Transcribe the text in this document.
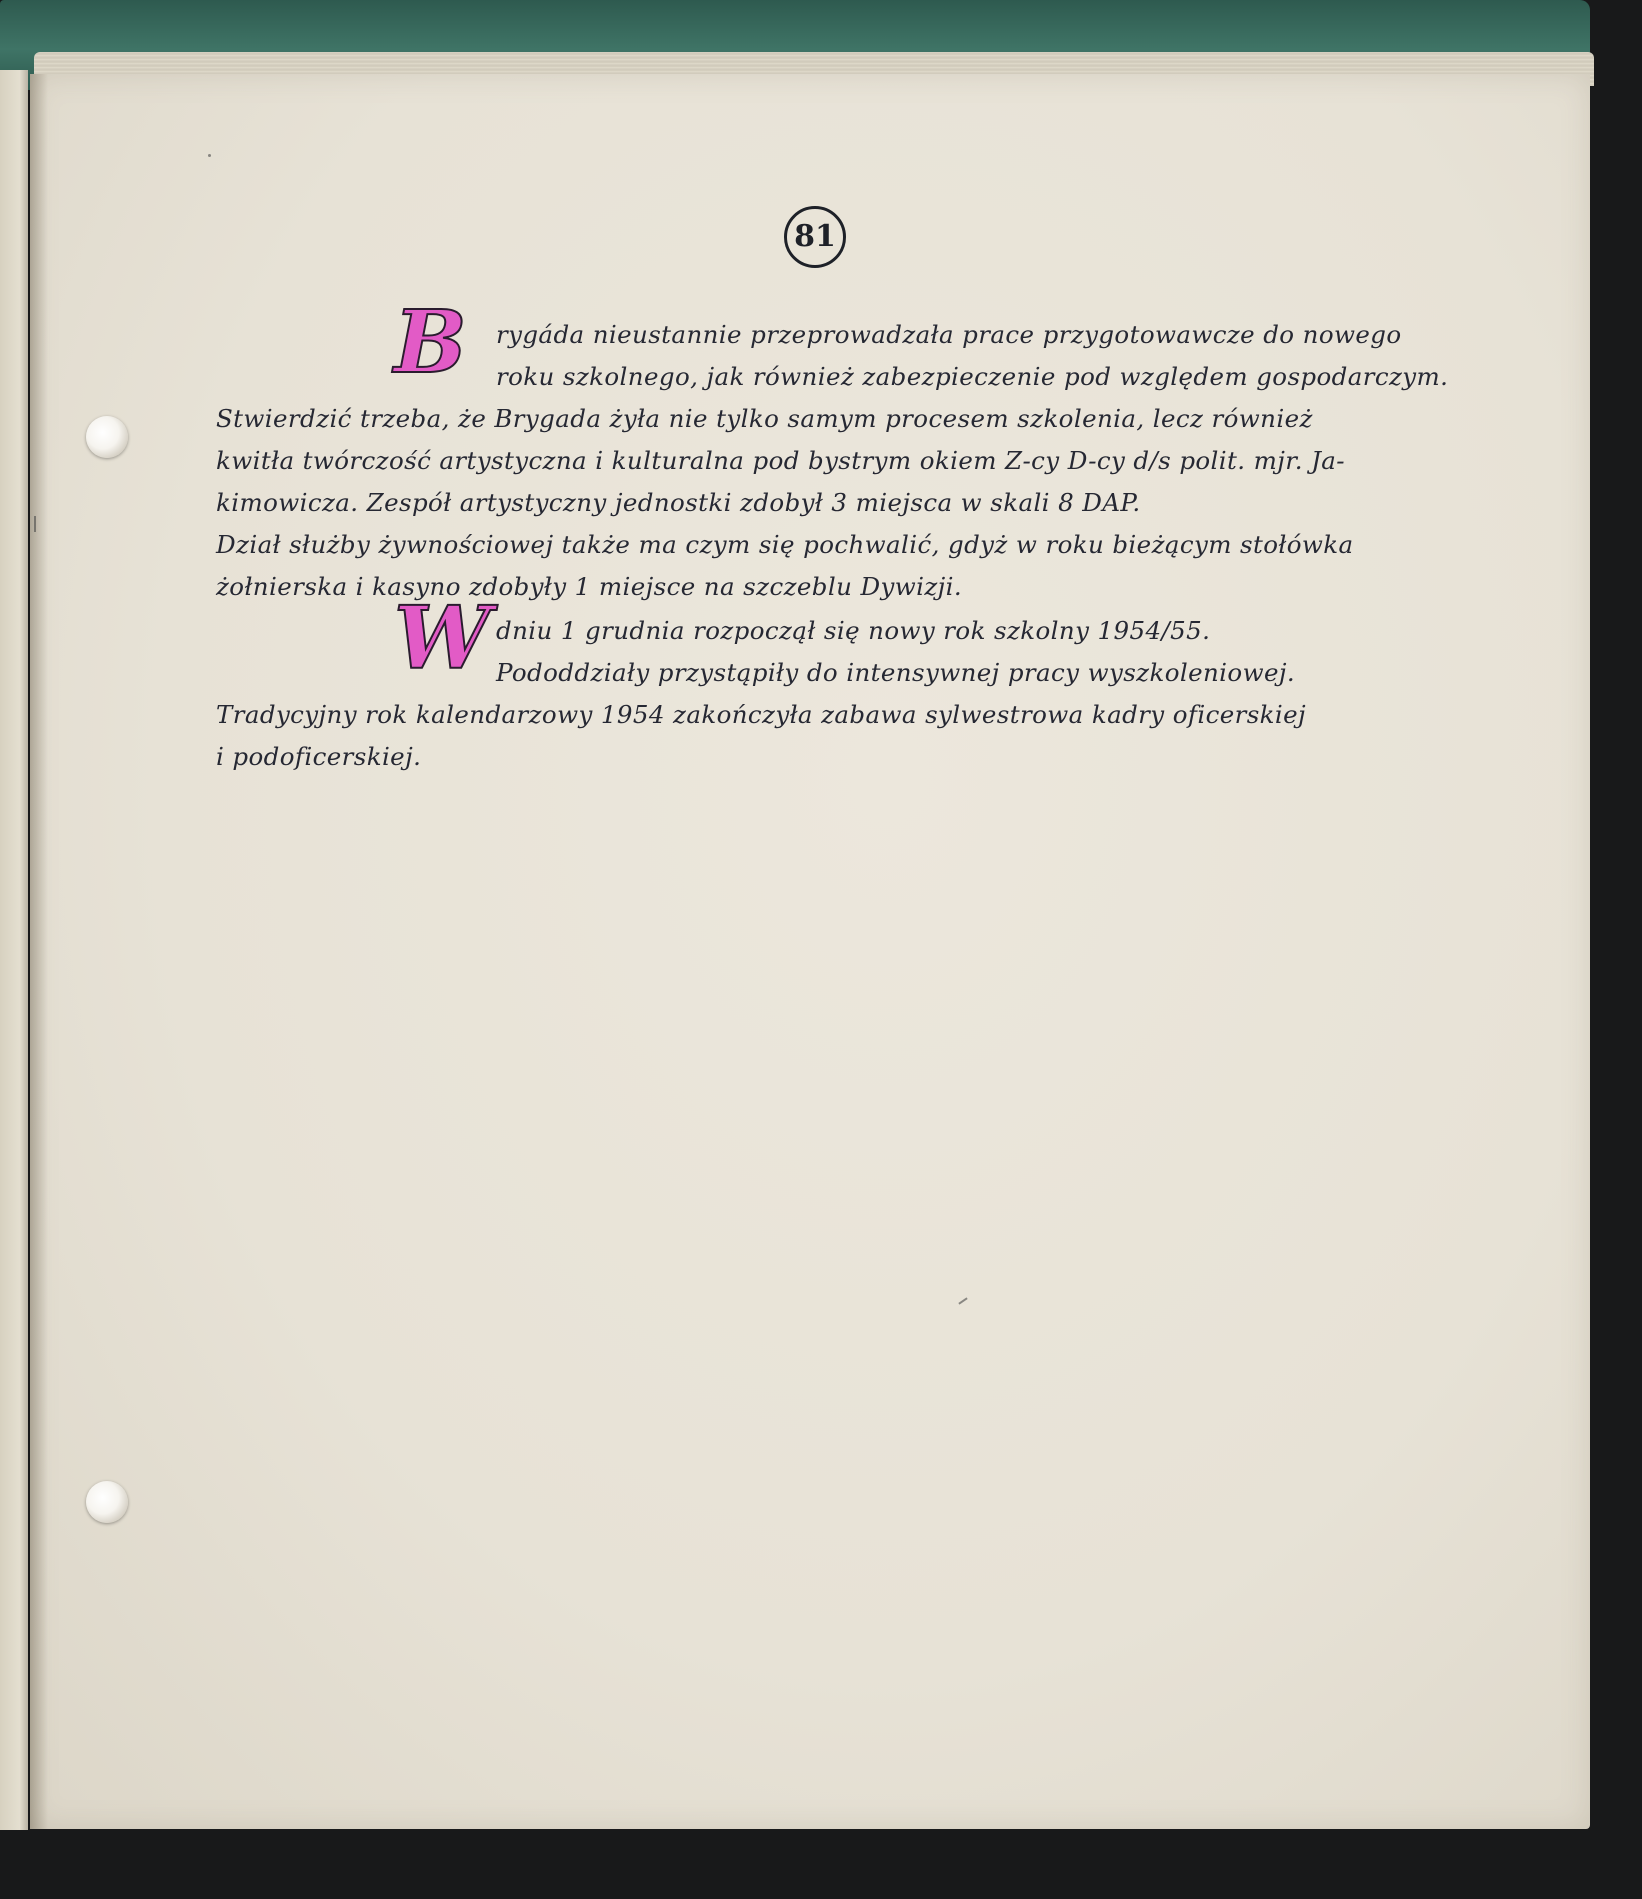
81
B rygáda nieustannie przeprowadzała prace przygotowawcze do nowego
roku szkolnego, jak również zabezpieczenie pod względem gospodarczym.
Stwierdzić trzeba, że Brygada żyła nie tylko samym procesem szkolenia, lecz również
kwitła twórczość artystyczna i kulturalna pod bystrym okiem Z-cy D-cy d/s polit. mjr. Ja-
kimowicza. Zespół artystyczny jednostki zdobył 3 miejsca w skali 8 DAP.
Dział służby żywnościowej także ma czym się pochwalić, gdyż w roku bieżącym stołówka
żołnierska i kasyno zdobyły 1 miejsce na szczeblu Dywizji.
W dniu 1 grudnia rozpoczął się nowy rok szkolny 1954/55.
Pododdziały przystąpiły do intensywnej pracy wyszkoleniowej.
Tradycyjny rok kalendarzowy 1954 zakończyła zabawa sylwestrowa kadry oficerskiej
i podoficerskiej.
